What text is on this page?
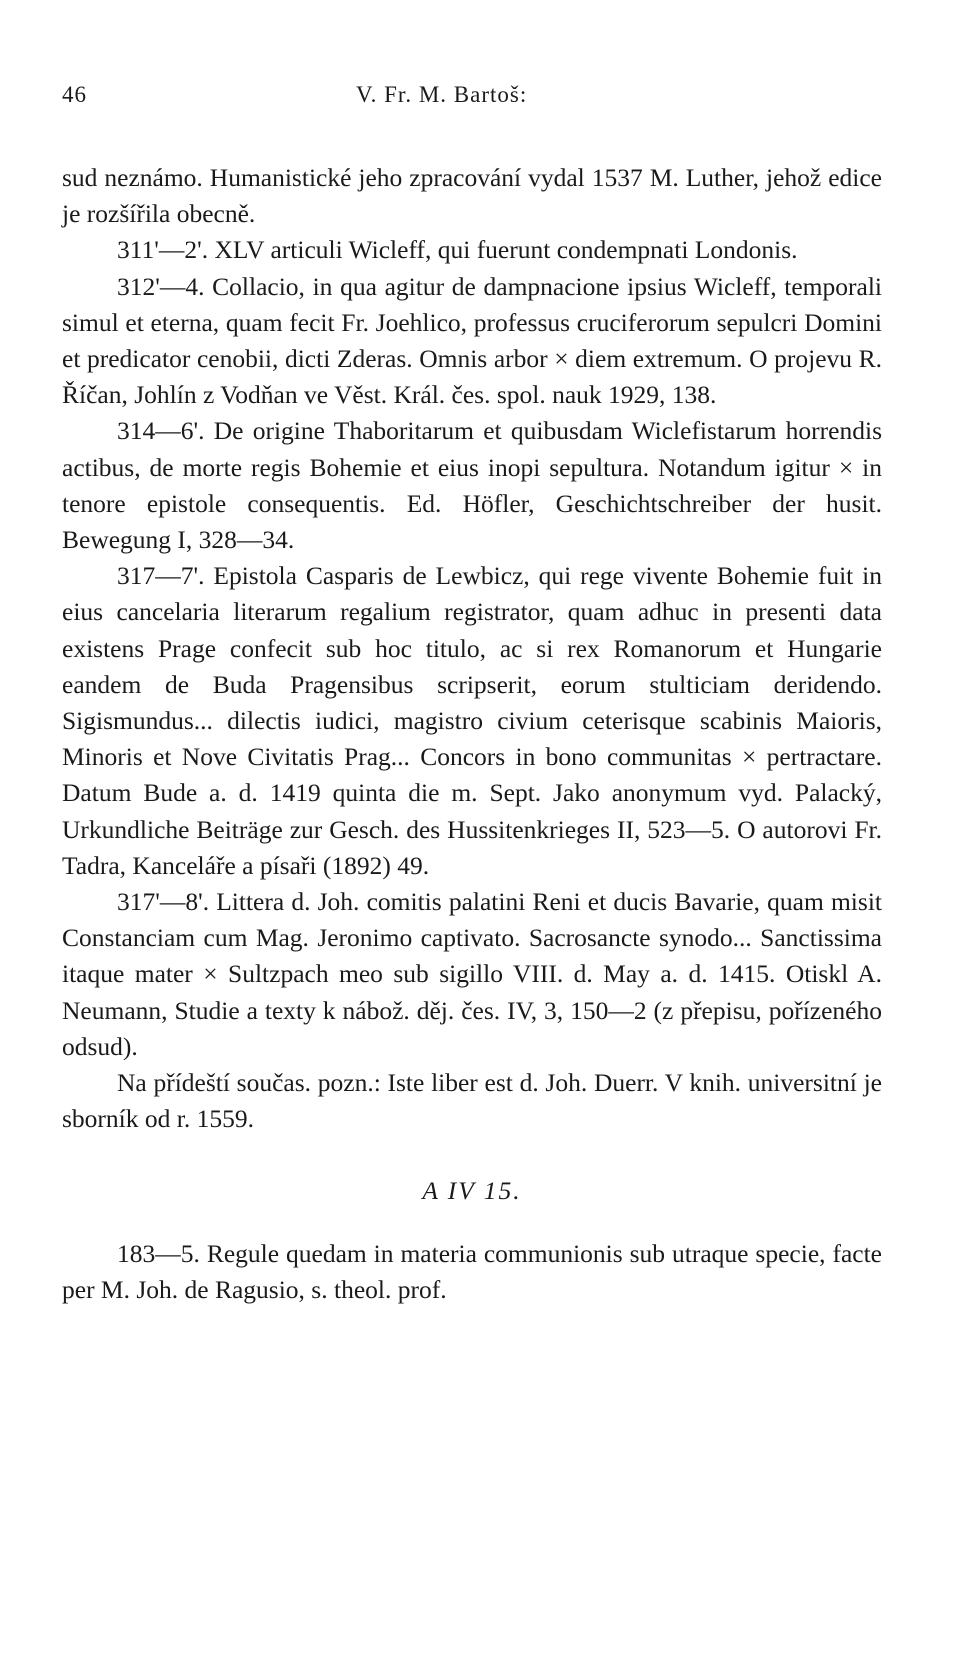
46	V. Fr. M. Bartoš:

sud neznámo. Humanistické jeho zpracování vydal 1537 M. Luther, jehož edice je rozšířila obecně.

311'—2'. XLV articuli Wicleff, qui fuerunt condempnati Londonis.

312'—4. Collacio, in qua agitur de dampnacione ipsius Wicleff, temporali simul et eterna, quam fecit Fr. Joehlico, professus cruciferorum sepulcri Domini et predicator cenobii, dicti Zderas. Omnis arbor × diem extremum. O projevu R. Říčan, Johlín z Vodňan ve Věst. Král. čes. spol. nauk 1929, 138.

314—6'. De origine Thaboritarum et quibusdam Wiclefistarum horrendis actibus, de morte regis Bohemie et eius inopi sepultura. Notandum igitur × in tenore epistole consequentis. Ed. Höfler, Geschichtschreiber der husit. Bewegung I, 328—34.

317—7'. Epistola Casparis de Lewbicz, qui rege vivente Bohemie fuit in eius cancelaria literarum regalium registrator, quam adhuc in presenti data existens Prage confecit sub hoc titulo, ac si rex Romanorum et Hungarie eandem de Buda Pragensibus scripserit, eorum stulticiam deridendo. Sigismundus... dilectis iudici, magistro civium ceterisque scabinis Maioris, Minoris et Nove Civitatis Prag... Concors in bono communitas × pertractare. Datum Bude a. d. 1419 quinta die m. Sept. Jako anonymum vyd. Palacký, Urkundliche Beiträge zur Gesch. des Hussitenkrieges II, 523—5. O autorovi Fr. Tadra, Kanceláře a písaři (1892) 49.

317'—8'. Littera d. Joh. comitis palatini Reni et ducis Bavarie, quam misit Constanciam cum Mag. Jeronimo captivato. Sacrosancte synodo... Sanctissima itaque mater × Sultzpach meo sub sigillo VIII. d. May a. d. 1415. Otiskl A. Neumann, Studie a texty k nábož. děj. čes. IV, 3, 150—2 (z přepisu, pořízeného odsud).

Na přídeští součas. pozn.: Iste liber est d. Joh. Duerr. V knih. universitní je sborník od r. 1559.

A IV 15.

183—5. Regule quedam in materia communionis sub utraque specie, facte per M. Joh. de Ragusio, s. theol. prof.
